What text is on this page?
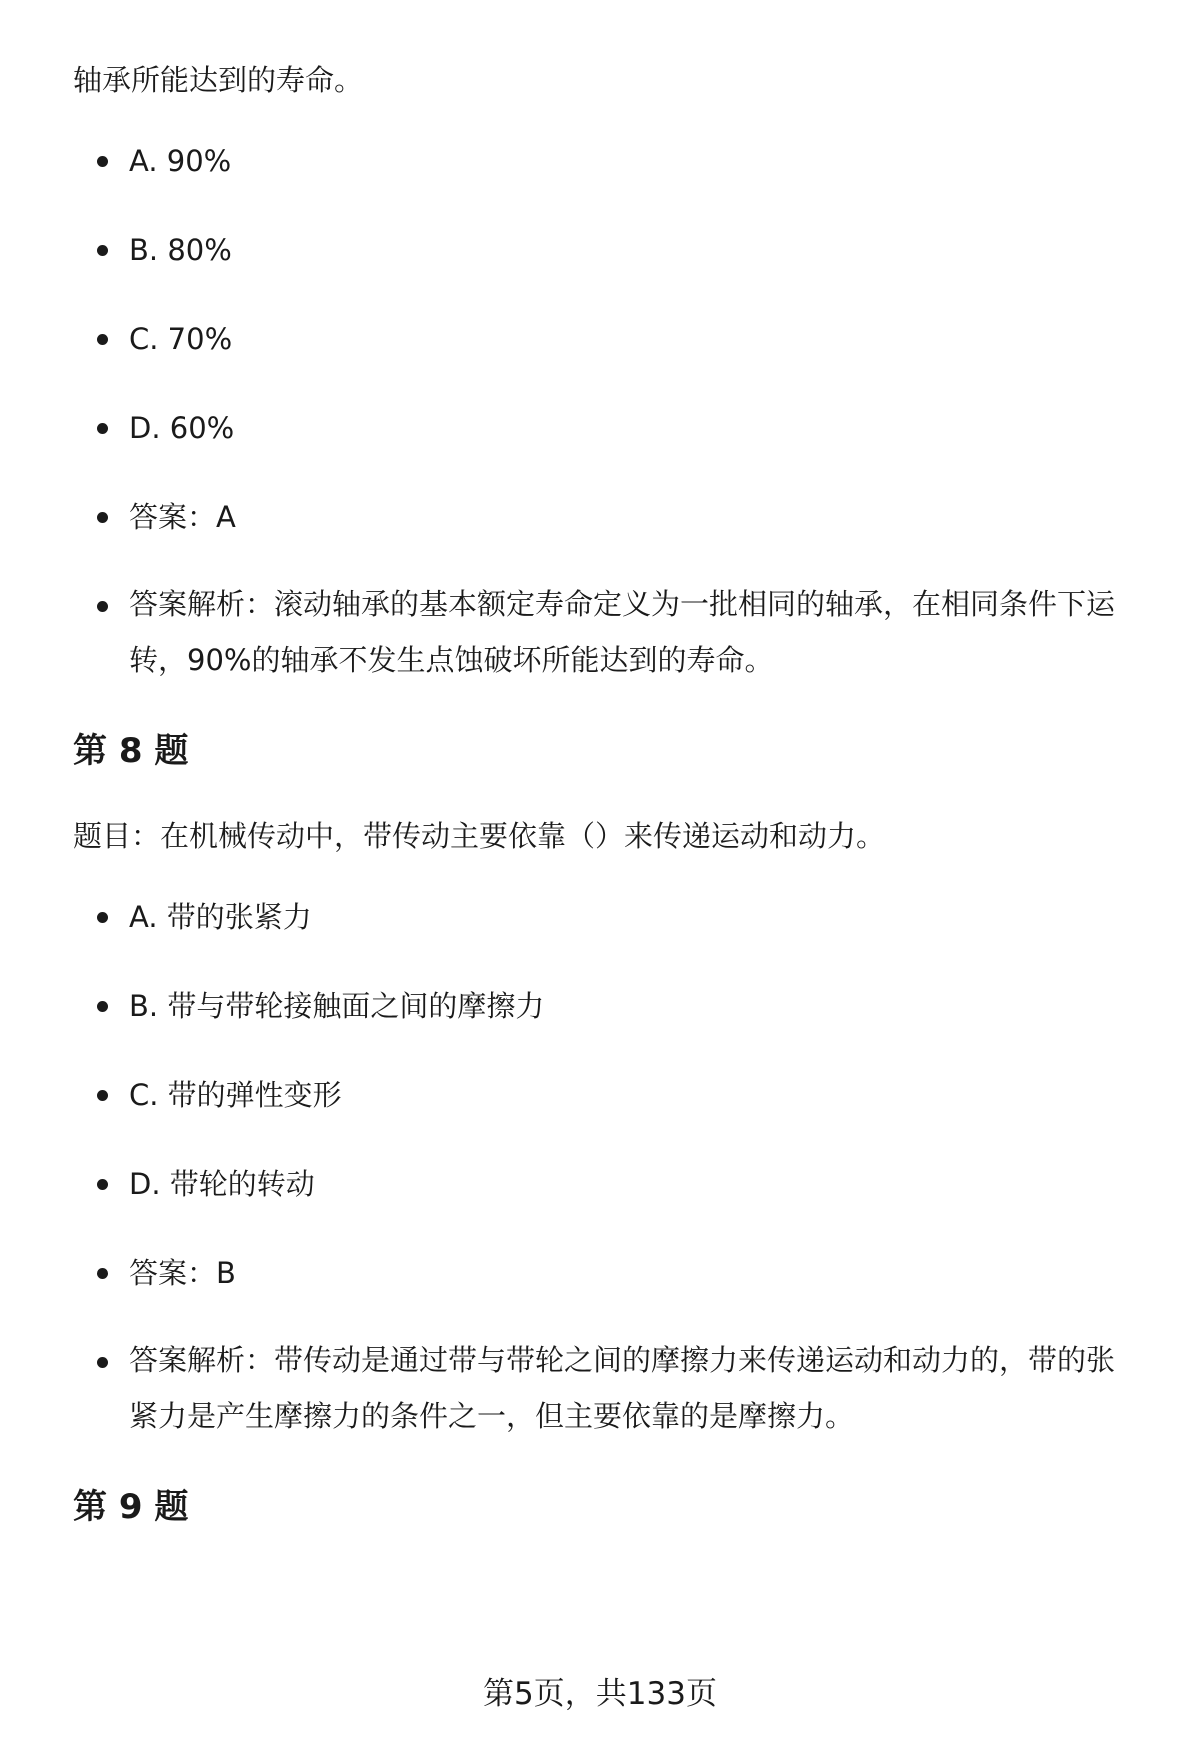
轴承所能达到的寿命。

A. 90%
B. 80%
C. 70%
D. 60%
答案：A
答案解析：滚动轴承的基本额定寿命定义为一批相同的轴承，在相同条件下运
转，90%的轴承不发生点蚀破坏所能达到的寿命。
第 8 题

题目：在机械传动中，带传动主要依靠（）来传递运动和动力。

A. 带的张紧力
B. 带与带轮接触面之间的摩擦力
C. 带的弹性变形
D. 带轮的转动
答案：B
答案解析：带传动是通过带与带轮之间的摩擦力来传递运动和动力的，带的张
紧力是产生摩擦力的条件之一，但主要依靠的是摩擦力。
第 9 题
第5页，共133页
